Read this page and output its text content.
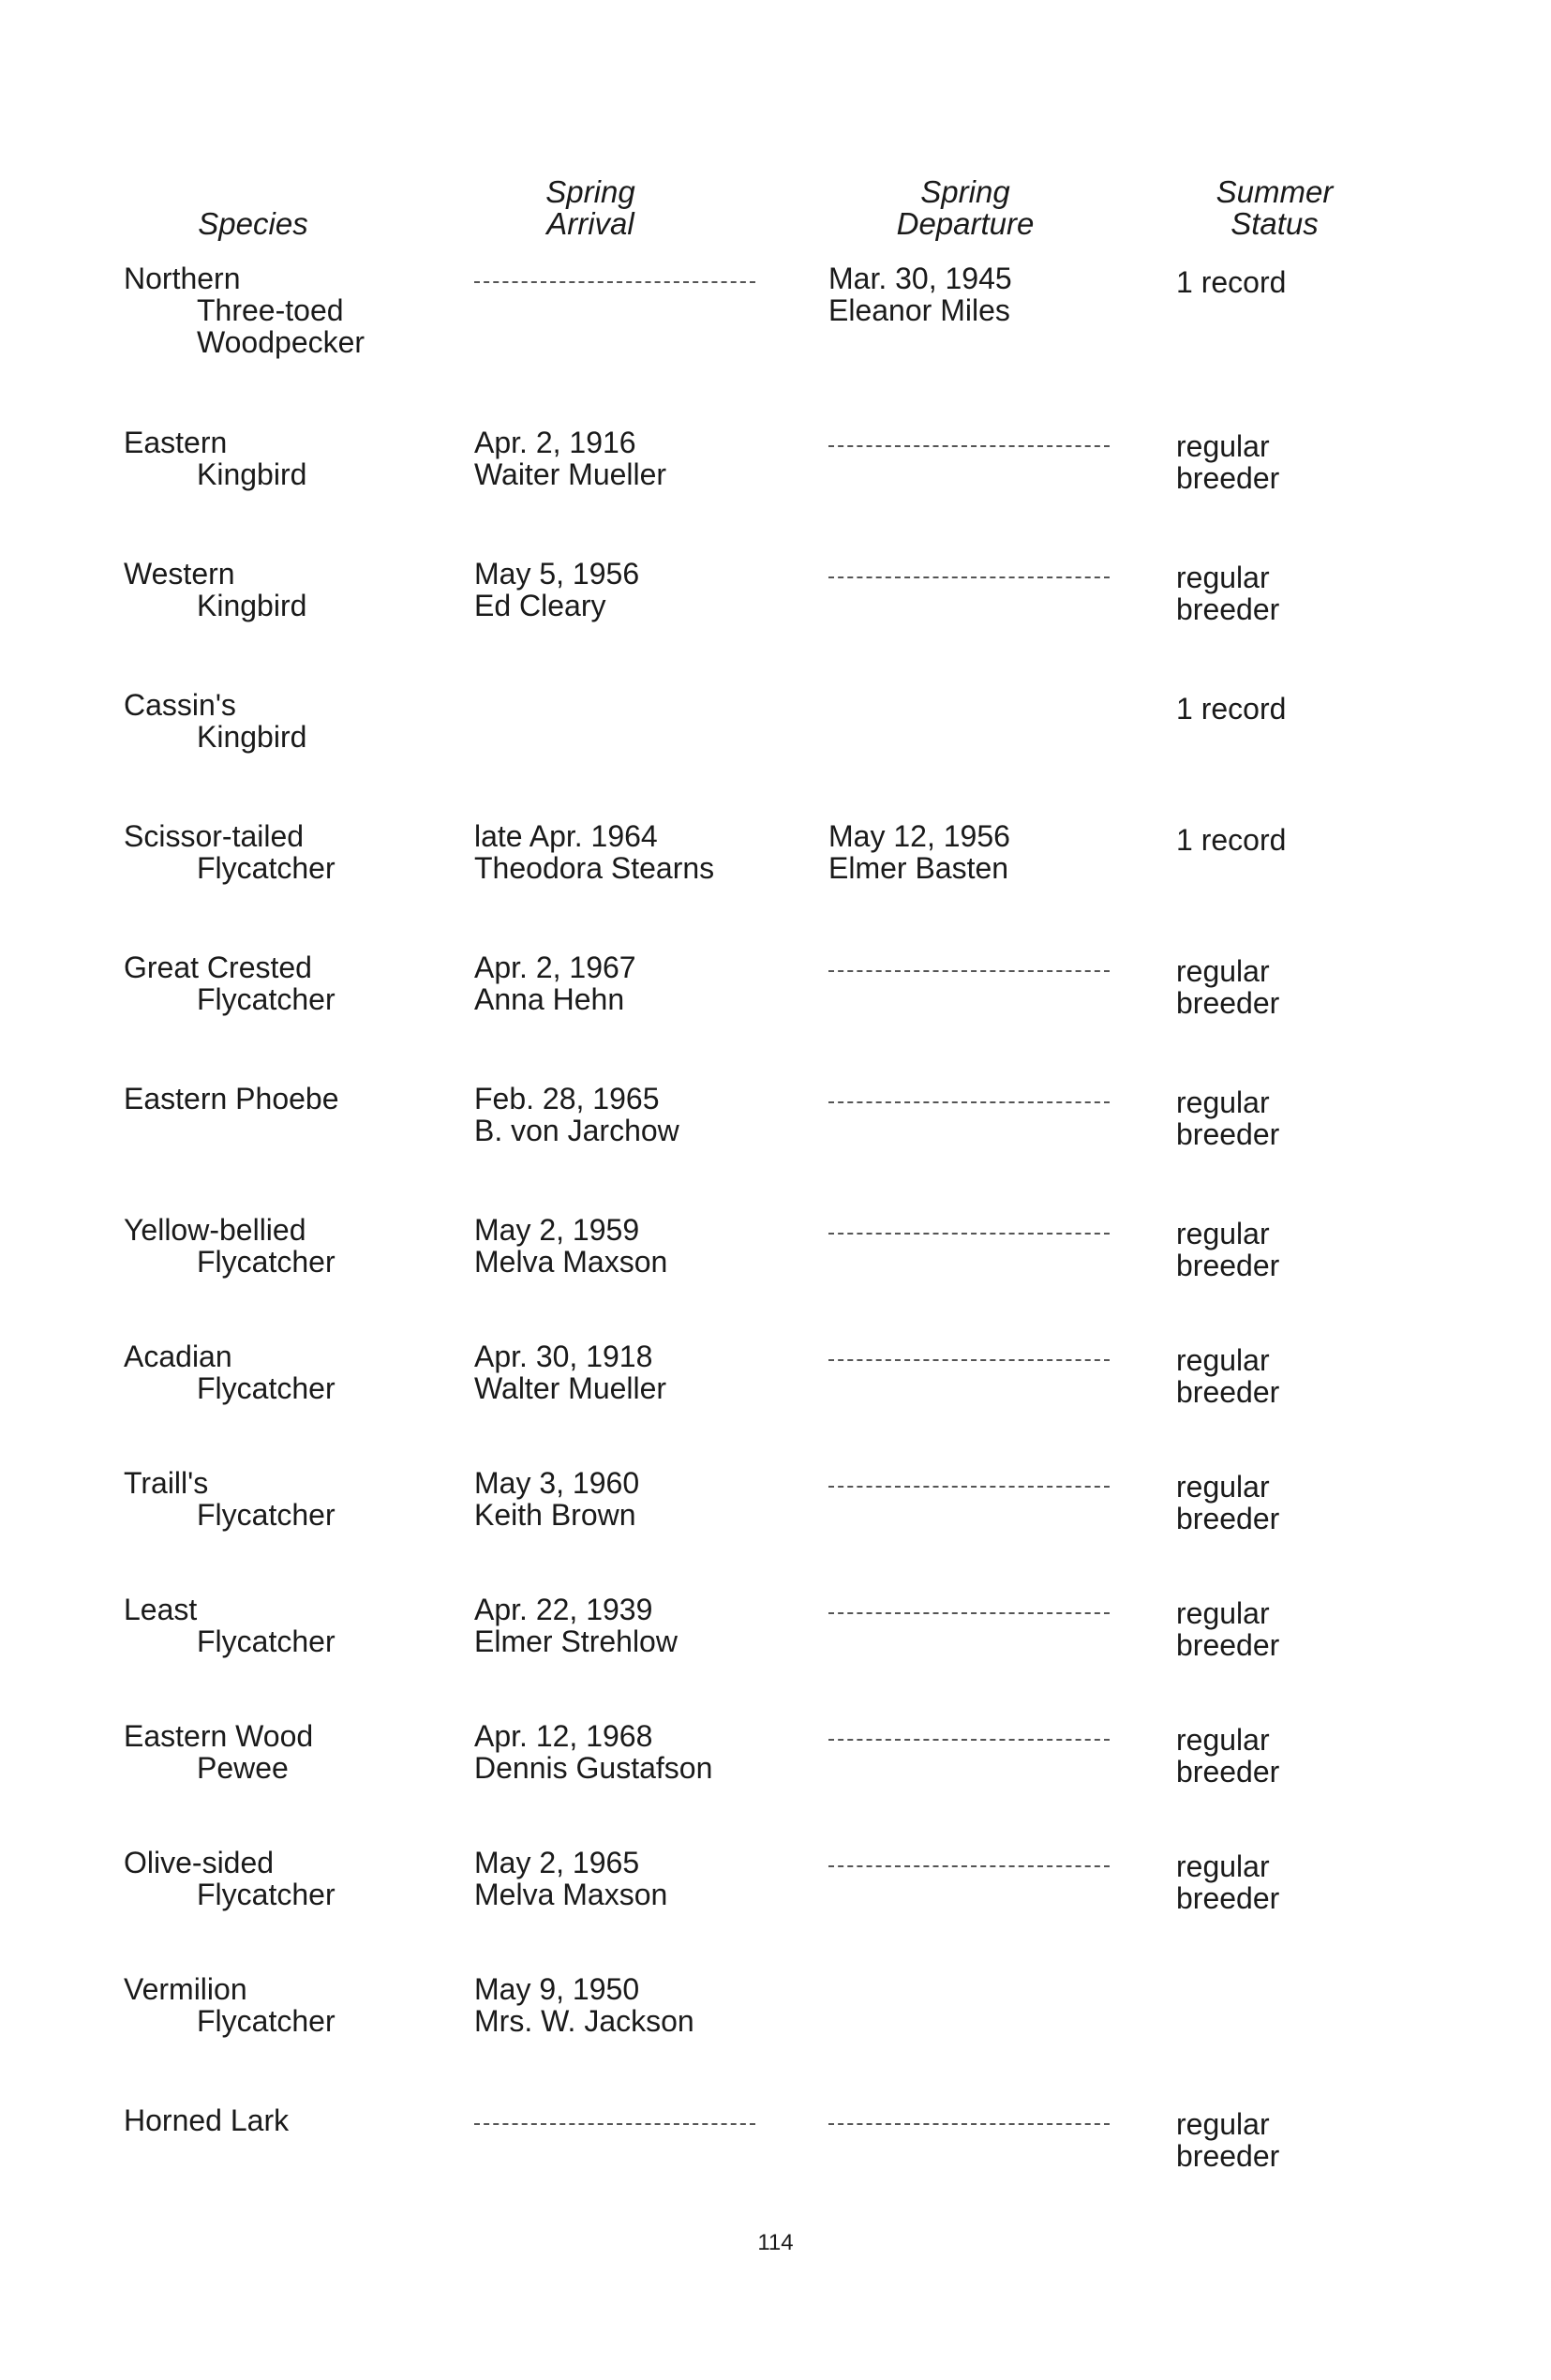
Species
Spring
Arrival
Spring
Departure
Summer
Status
Northern
Three-toed
Woodpecker
Mar. 30, 1945
Eleanor Miles
1 record
Eastern
Kingbird
Apr. 2, 1916
Waiter Mueller
regular
breeder
Western
Kingbird
May 5, 1956
Ed Cleary
regular
breeder
Cassin's
Kingbird
1 record
Scissor-tailed
Flycatcher
late Apr. 1964
Theodora Stearns
May 12, 1956
Elmer Basten
1 record
Great Crested
Flycatcher
Apr. 2, 1967
Anna Hehn
regular
breeder
Eastern Phoebe	Feb. 28, 1965
B. von Jarchow
regular
breeder
Yellow-bellied
Flycatcher
May 2, 1959
Melva Maxson
regular
breeder
Acadian
Flycatcher
Apr. 30, 1918
Walter Mueller
regular
breeder
Traill's
Flycatcher
May 3, 1960
Keith Brown
regular
breeder
Least
Flycatcher
Apr. 22, 1939
Elmer Strehlow
regular
breeder
Eastern Wood
Pewee
Apr. 12, 1968
Dennis Gustafson
regular
breeder
Olive-sided
Flycatcher
May 2, 1965
Melva Maxson
regular
breeder
Vermilion
Flycatcher
May 9, 1950
Mrs. W. Jackson
Horned Lark	regular
breeder
114
